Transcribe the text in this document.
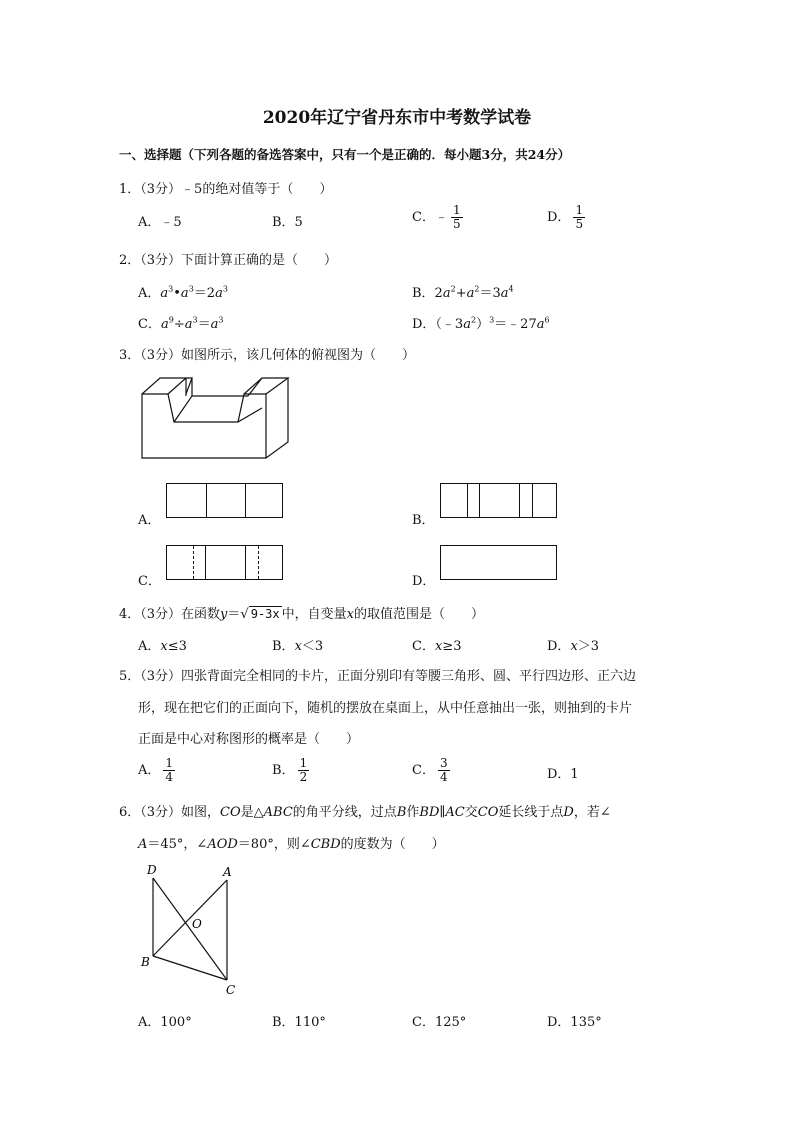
2020年辽宁省丹东市中考数学试卷
一、选择题（下列各题的备选答案中，只有一个是正确的．每小题3分，共24分）
1．（3分）﹣5的绝对值等于（　　）
A．﹣5	B．5	C．﹣ $\frac{1}{5}$	D． $\frac{1}{5}$
2．（3分）下面计算正确的是（　　）
A．$a^3•a^3=2a^3$	B．$2a^2+a^2=3a^4$
C．$a^9\div a^3=a^3$	D．$(﹣3a^2)^3=﹣27a^6$
3．（3分）如图所示，该几何体的俯视图为（　　）
A．	B．
C．	D．
4．（3分）在函数y＝√ 9-3x 中，自变量x的取值范围是（　　）
A．x≤3	B．x＜3	C．x≥3	D．x＞3
5．（3分）四张背面完全相同的卡片，正面分别印有等腰三角形、圆、平行四边形、正六边
形，现在把它们的正面向下，随机的摆放在桌面上，从中任意抽出一张，则抽到的卡片
正面是中心对称图形的概率是（　　）
A． $\frac{1}{4}$	B． $\frac{1}{2}$	C． $\frac{3}{4}$	D．1
6．（3分）如图，CO是△ABC的角平分线，过点B作BD∥AC交CO延长线于点D，若∠
A＝45°，∠AOD＝80°，则∠CBD的度数为（　　）
D	A
O
B
C
A．100°	B．110°	C．125°	D．135°
